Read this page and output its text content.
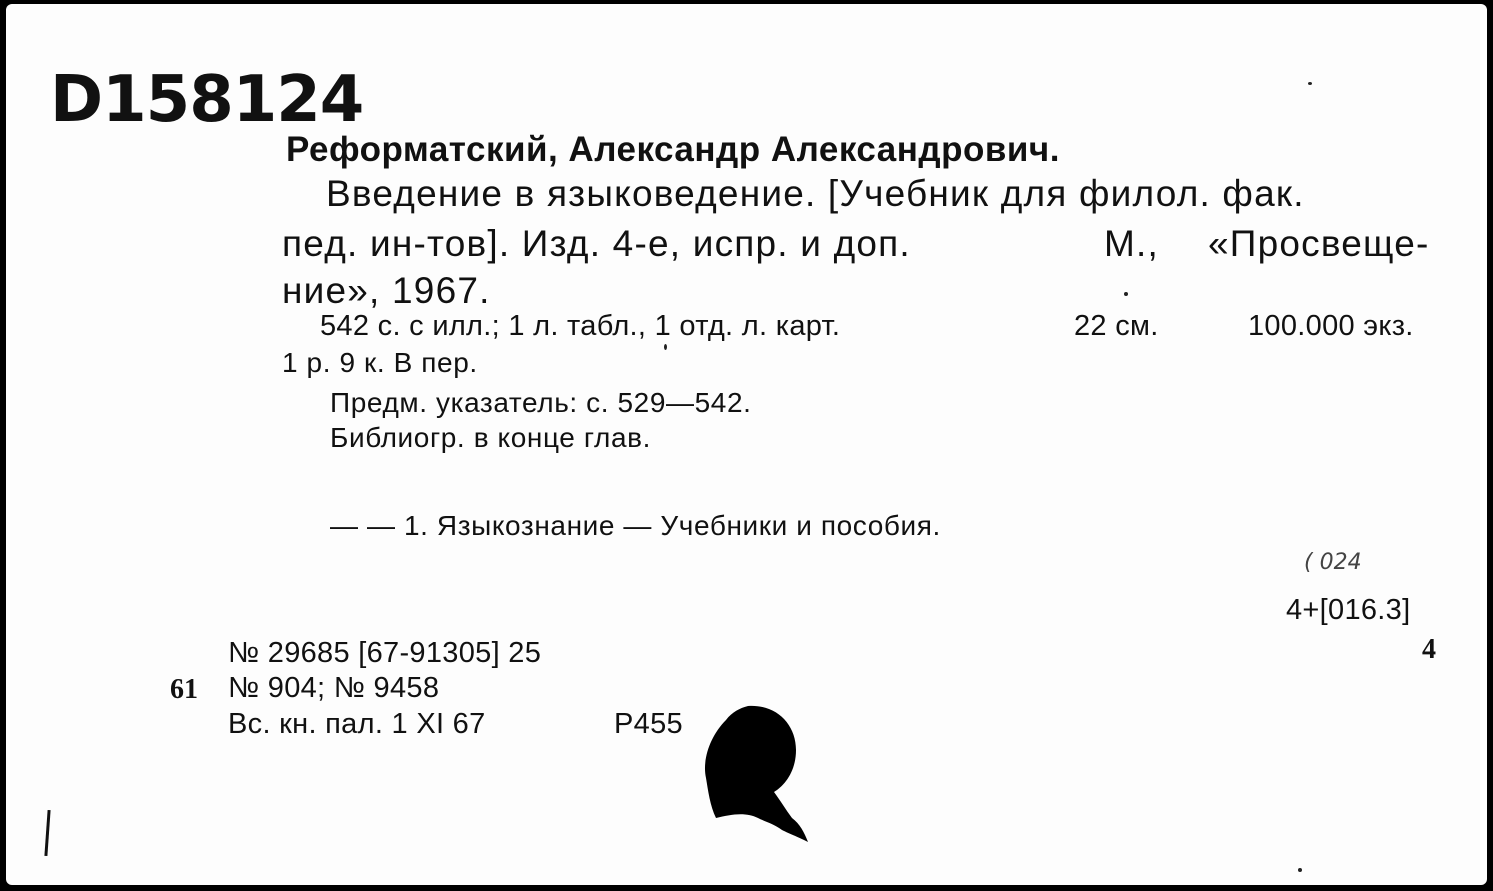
D158124
Реформатский, Александр Александрович.
Введение в языковедение. [Учебник для филол. фак.
пед. ин-тов]. Изд. 4-е, испр. и доп.	М., «Просвеще-
ние», 1967.
542 с. с илл.; 1 л. табл., 1 отд. л. карт.	22 см.	100.000 экз.
1 р. 9 к. В пер.
Предм. указатель: с. 529—542.
Библиогр. в конце глав.
— — 1. Языкознание — Учебники и пособия.
( 024
4+[016.3]
4
№ 29685 [67-91305] 25
61 № 904; № 9458
Вс. кн. пал. 1 XI 67	Р455
